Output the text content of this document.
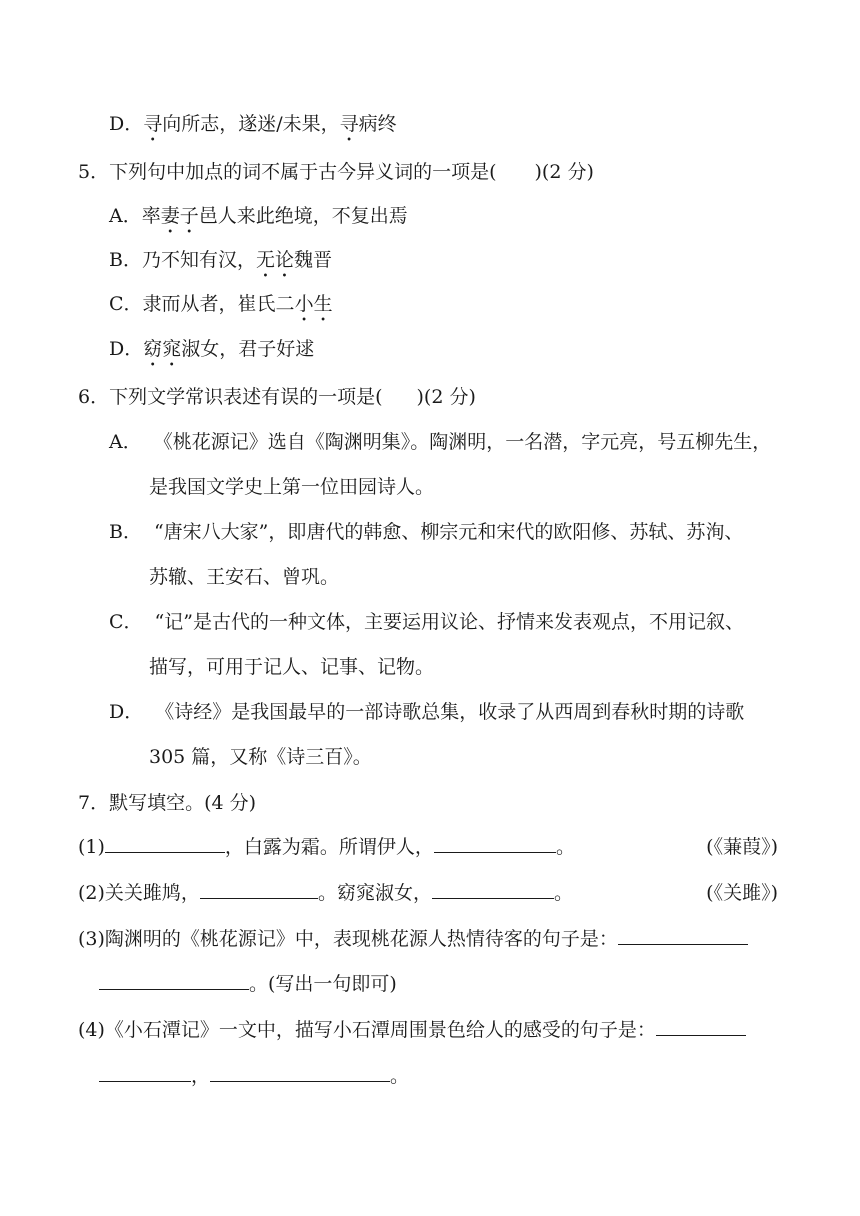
D．寻向所志，遂迷/未果，寻病终
5．下列句中加点的词不属于古今异义词的一项是( )(2 分)
A．率妻子邑人来此绝境，不复出焉
B．乃不知有汉，无论魏晋
C．隶而从者，崔氏二小生
D．窈窕淑女，君子好逑
6．下列文学常识表述有误的一项是( )(2 分)
A． 《桃花源记》选自《陶渊明集》。陶渊明，一名潜，字元亮，号五柳先生，
是我国文学史上第一位田园诗人。
B． “唐宋八大家”，即唐代的韩愈、柳宗元和宋代的欧阳修、苏轼、苏洵、
苏辙、王安石、曾巩。
C． “记”是古代的一种文体，主要运用议论、抒情来发表观点，不用记叙、
描写，可用于记人、记事、记物。
D． 《诗经》是我国最早的一部诗歌总集，收录了从西周到春秋时期的诗歌
305 篇，又称《诗三百》。
7．默写填空。(4 分)
(1)	，白露为霜。所谓伊人，	。	(《蒹葭》)
(2)关关雎鸠，	。窈窕淑女，	。	(《关雎》)
(3)陶渊明的《桃花源记》中，表现桃花源人热情待客的句子是：
。(写出一句即可)
(4)《小石潭记》一文中，描写小石潭周围景色给人的感受的句子是：
，	。
